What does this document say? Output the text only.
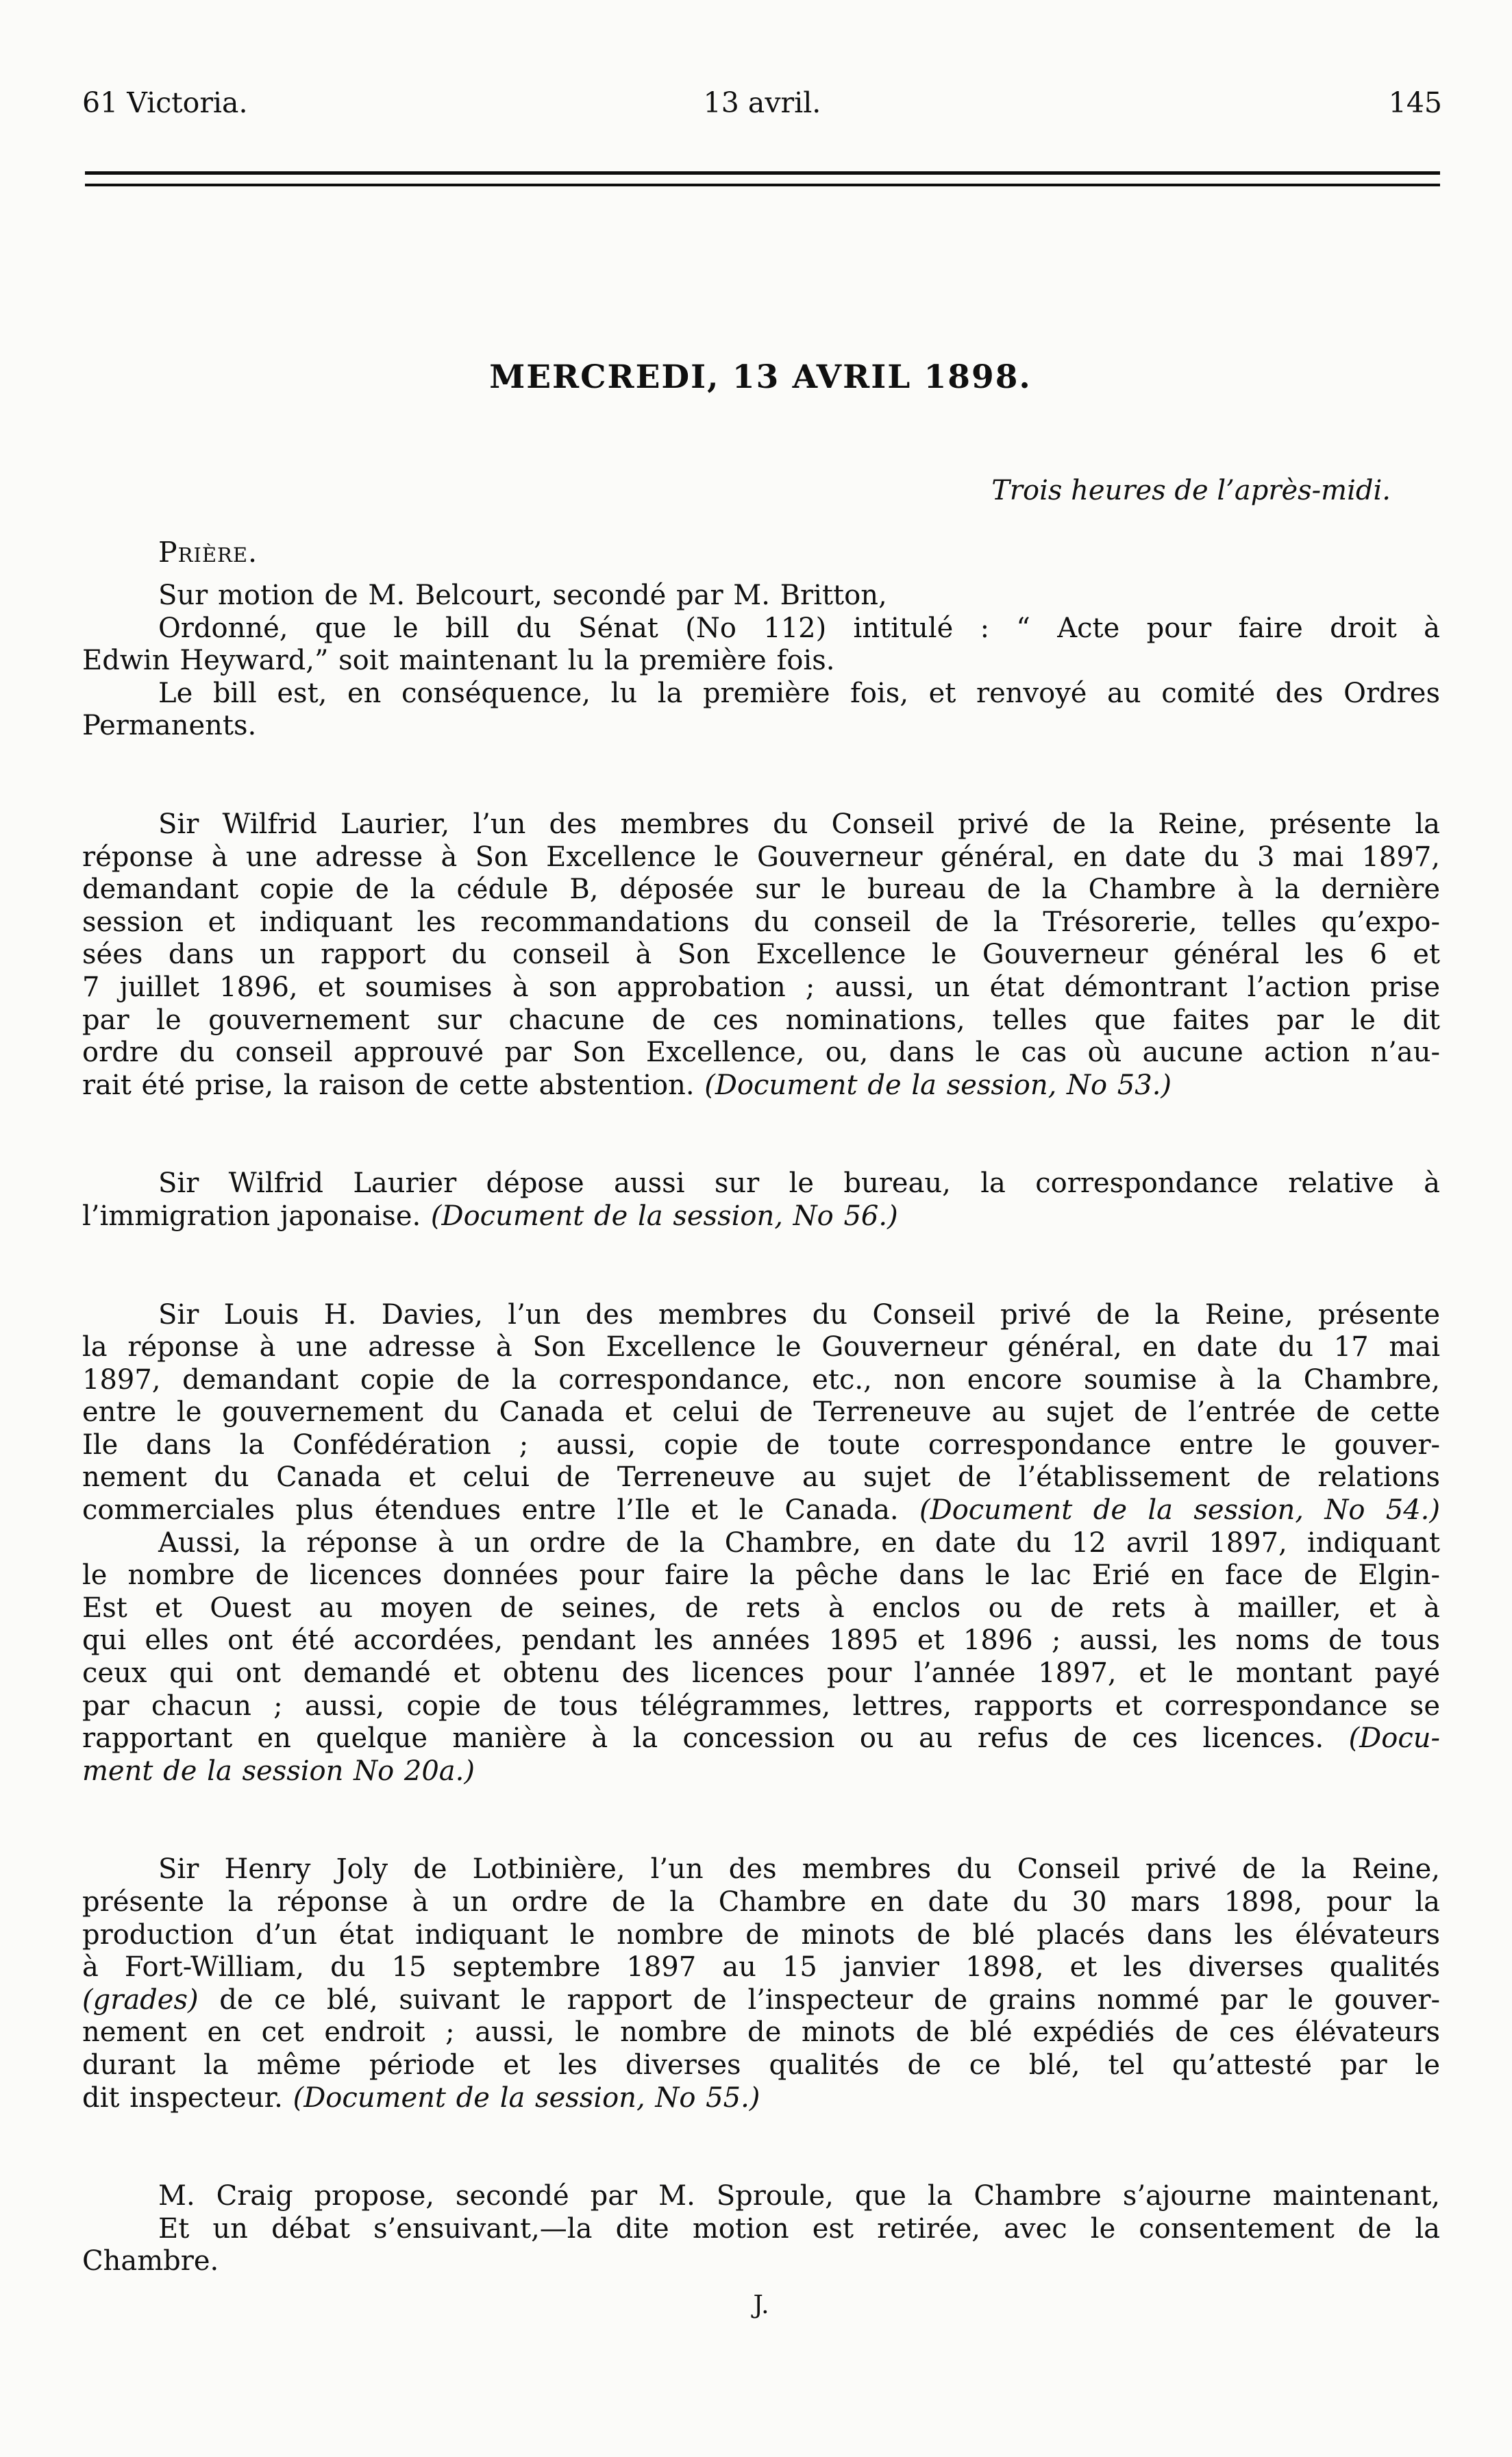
61 Victoria.	13 avril.	145
MERCREDI, 13 AVRIL 1898.
Trois heures de l’après-midi.
Prière.
Sur motion de M. Belcourt, secondé par M. Britton,
Ordonné, que le bill du Sénat (No 112) intitulé : “ Acte pour faire droit à
Edwin Heyward,” soit maintenant lu la première fois.
Le bill est, en conséquence, lu la première fois, et renvoyé au comité des Ordres
Permanents.
Sir Wilfrid Laurier, l’un des membres du Conseil privé de la Reine, présente la
réponse à une adresse à Son Excellence le Gouverneur général, en date du 3 mai 1897,
demandant copie de la cédule B, déposée sur le bureau de la Chambre à la dernière
session et indiquant les recommandations du conseil de la Trésorerie, telles qu’expo-
sées dans un rapport du conseil à Son Excellence le Gouverneur général les 6 et
7 juillet 1896, et soumises à son approbation ; aussi, un état démontrant l’action prise
par le gouvernement sur chacune de ces nominations, telles que faites par le dit
ordre du conseil approuvé par Son Excellence, ou, dans le cas où aucune action n’au-
rait été prise, la raison de cette abstention. (Document de la session, No 53.)
Sir Wilfrid Laurier dépose aussi sur le bureau, la correspondance relative à
l’immigration japonaise. (Document de la session, No 56.)
Sir Louis H. Davies, l’un des membres du Conseil privé de la Reine, présente
la réponse à une adresse à Son Excellence le Gouverneur général, en date du 17 mai
1897, demandant copie de la correspondance, etc., non encore soumise à la Chambre,
entre le gouvernement du Canada et celui de Terreneuve au sujet de l’entrée de cette
Ile dans la Confédération ; aussi, copie de toute correspondance entre le gouver-
nement du Canada et celui de Terreneuve au sujet de l’établissement de relations
commerciales plus étendues entre l’Ile et le Canada. (Document de la session, No 54.)
Aussi, la réponse à un ordre de la Chambre, en date du 12 avril 1897, indiquant
le nombre de licences données pour faire la pêche dans le lac Erié en face de Elgin-
Est et Ouest au moyen de seines, de rets à enclos ou de rets à mailler, et à
qui elles ont été accordées, pendant les années 1895 et 1896 ; aussi, les noms de tous
ceux qui ont demandé et obtenu des licences pour l’année 1897, et le montant payé
par chacun ; aussi, copie de tous télégrammes, lettres, rapports et correspondance se
rapportant en quelque manière à la concession ou au refus de ces licences. (Docu-
ment de la session No 20a.)
Sir Henry Joly de Lotbinière, l’un des membres du Conseil privé de la Reine,
présente la réponse à un ordre de la Chambre en date du 30 mars 1898, pour la
production d’un état indiquant le nombre de minots de blé placés dans les élévateurs
à Fort-William, du 15 septembre 1897 au 15 janvier 1898, et les diverses qualités
(grades) de ce blé, suivant le rapport de l’inspecteur de grains nommé par le gouver-
nement en cet endroit ; aussi, le nombre de minots de blé expédiés de ces élévateurs
durant la même période et les diverses qualités de ce blé, tel qu’attesté par le
dit inspecteur. (Document de la session, No 55.)
M. Craig propose, secondé par M. Sproule, que la Chambre s’ajourne maintenant,
Et un débat s’ensuivant,—la dite motion est retirée, avec le consentement de la
Chambre.
J.
